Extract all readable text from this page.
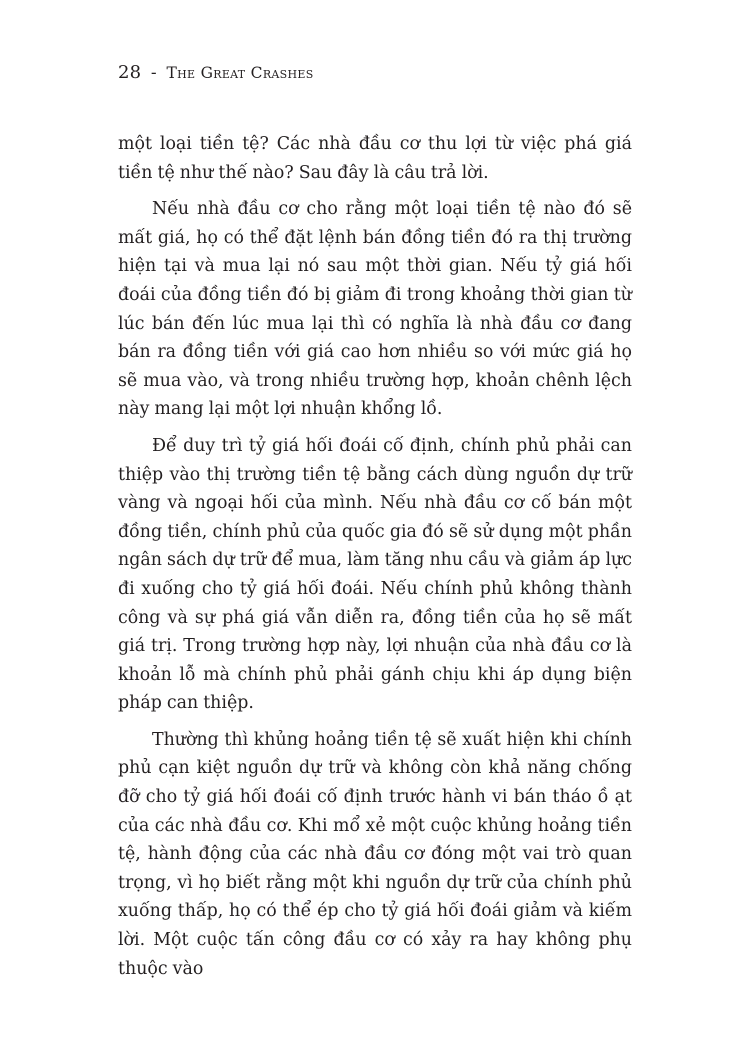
28 - The Great Crashes

một loại tiền tệ? Các nhà đầu cơ thu lợi từ việc phá giá tiền tệ như thế nào? Sau đây là câu trả lời.

Nếu nhà đầu cơ cho rằng một loại tiền tệ nào đó sẽ mất giá, họ có thể đặt lệnh bán đồng tiền đó ra thị trường hiện tại và mua lại nó sau một thời gian. Nếu tỷ giá hối đoái của đồng tiền đó bị giảm đi trong khoảng thời gian từ lúc bán đến lúc mua lại thì có nghĩa là nhà đầu cơ đang bán ra đồng tiền với giá cao hơn nhiều so với mức giá họ sẽ mua vào, và trong nhiều trường hợp, khoản chênh lệch này mang lại một lợi nhuận khổng lồ.

Để duy trì tỷ giá hối đoái cố định, chính phủ phải can thiệp vào thị trường tiền tệ bằng cách dùng nguồn dự trữ vàng và ngoại hối của mình. Nếu nhà đầu cơ cố bán một đồng tiền, chính phủ của quốc gia đó sẽ sử dụng một phần ngân sách dự trữ để mua, làm tăng nhu cầu và giảm áp lực đi xuống cho tỷ giá hối đoái. Nếu chính phủ không thành công và sự phá giá vẫn diễn ra, đồng tiền của họ sẽ mất giá trị. Trong trường hợp này, lợi nhuận của nhà đầu cơ là khoản lỗ mà chính phủ phải gánh chịu khi áp dụng biện pháp can thiệp.

Thường thì khủng hoảng tiền tệ sẽ xuất hiện khi chính phủ cạn kiệt nguồn dự trữ và không còn khả năng chống đỡ cho tỷ giá hối đoái cố định trước hành vi bán tháo ồ ạt của các nhà đầu cơ. Khi mổ xẻ một cuộc khủng hoảng tiền tệ, hành động của các nhà đầu cơ đóng một vai trò quan trọng, vì họ biết rằng một khi nguồn dự trữ của chính phủ xuống thấp, họ có thể ép cho tỷ giá hối đoái giảm và kiếm lời. Một cuộc tấn công đầu cơ có xảy ra hay không phụ thuộc vào
